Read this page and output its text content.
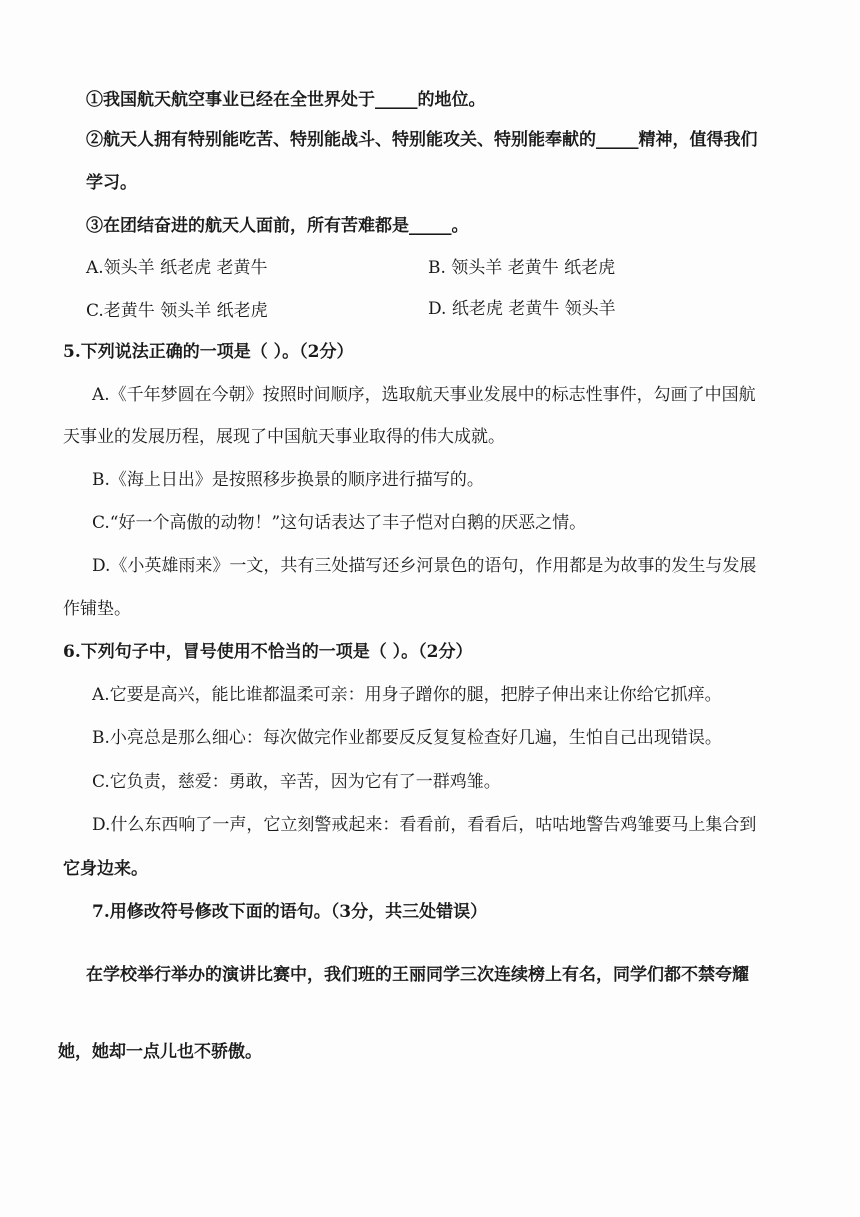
①我国航天航空事业已经在全世界处于_____的地位。
②航天人拥有特别能吃苦、特别能战斗、特别能攻关、特别能奉献的_____精神，值得我们
学习。
③在团结奋进的航天人面前，所有苦难都是_____。
A.领头羊 纸老虎 老黄牛	B. 领头羊 老黄牛 纸老虎
C.老黄牛 领头羊 纸老虎	D. 纸老虎 老黄牛 领头羊
5.下列说法正确的一项是（ ）。（2分）
A.《千年梦圆在今朝》按照时间顺序，选取航天事业发展中的标志性事件，勾画了中国航
天事业的发展历程，展现了中国航天事业取得的伟大成就。
B.《海上日出》是按照移步换景的顺序进行描写的。
C.“好一个高傲的动物！”这句话表达了丰子恺对白鹅的厌恶之情。
D.《小英雄雨来》一文，共有三处描写还乡河景色的语句，作用都是为故事的发生与发展
作铺垫。
6.下列句子中，冒号使用不恰当的一项是（ ）。（2分）
A.它要是高兴，能比谁都温柔可亲：用身子蹭你的腿，把脖子伸出来让你给它抓痒。
B.小亮总是那么细心：每次做完作业都要反反复复检查好几遍，生怕自己出现错误。
C.它负责，慈爱：勇敢，辛苦，因为它有了一群鸡雏。
D.什么东西响了一声，它立刻警戒起来：看看前，看看后，咕咕地警告鸡雏要马上集合到
它身边来。
7.用修改符号修改下面的语句。（3分，共三处错误）
在学校举行举办的演讲比赛中，我们班的王丽同学三次连续榜上有名，同学们都不禁夸耀
她，她却一点儿也不骄傲。
